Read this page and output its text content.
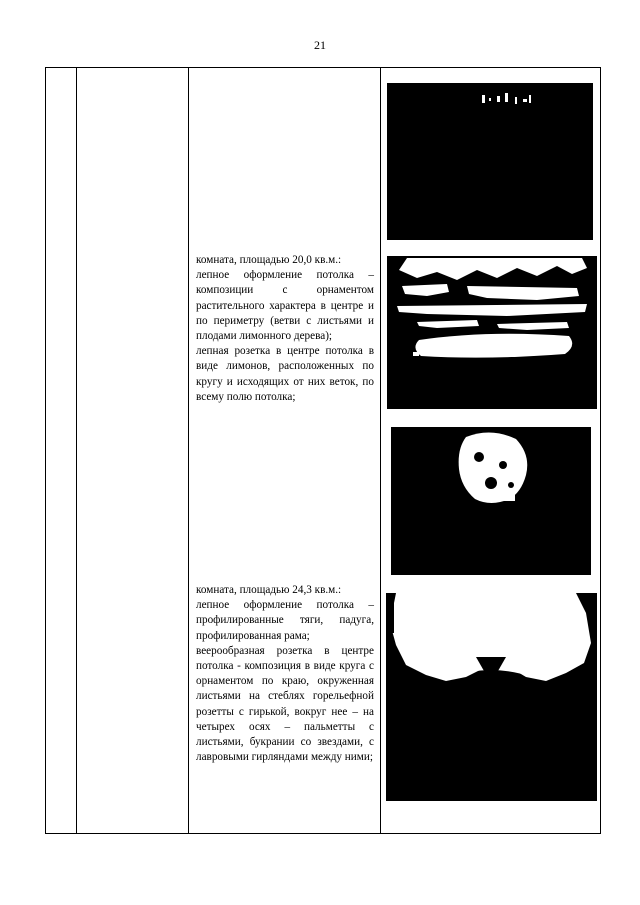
21

комната, площадью 20,0 кв.м.:

лепное оформление потолка – композиции с орнаментом растительного характера в центре и по периметру (ветви с листьями и плодами лимонного дерева);

лепная розетка в центре потолка в виде лимонов, расположенных по кругу и исходящих от них веток, по всему полю потолка;

комната, площадью 24,3 кв.м.:

лепное оформление потолка – профилированные тяги, падуга, профилированная рама;

веерообразная розетка в центре потолка - композиция в виде круга с орнаментом по краю, окруженная листьями на стеблях горельефной розетты с гирькой, вокруг нее – на четырех осях – пальметты с листьями, букрании со звездами, с лавровыми гирляндами между ними;
